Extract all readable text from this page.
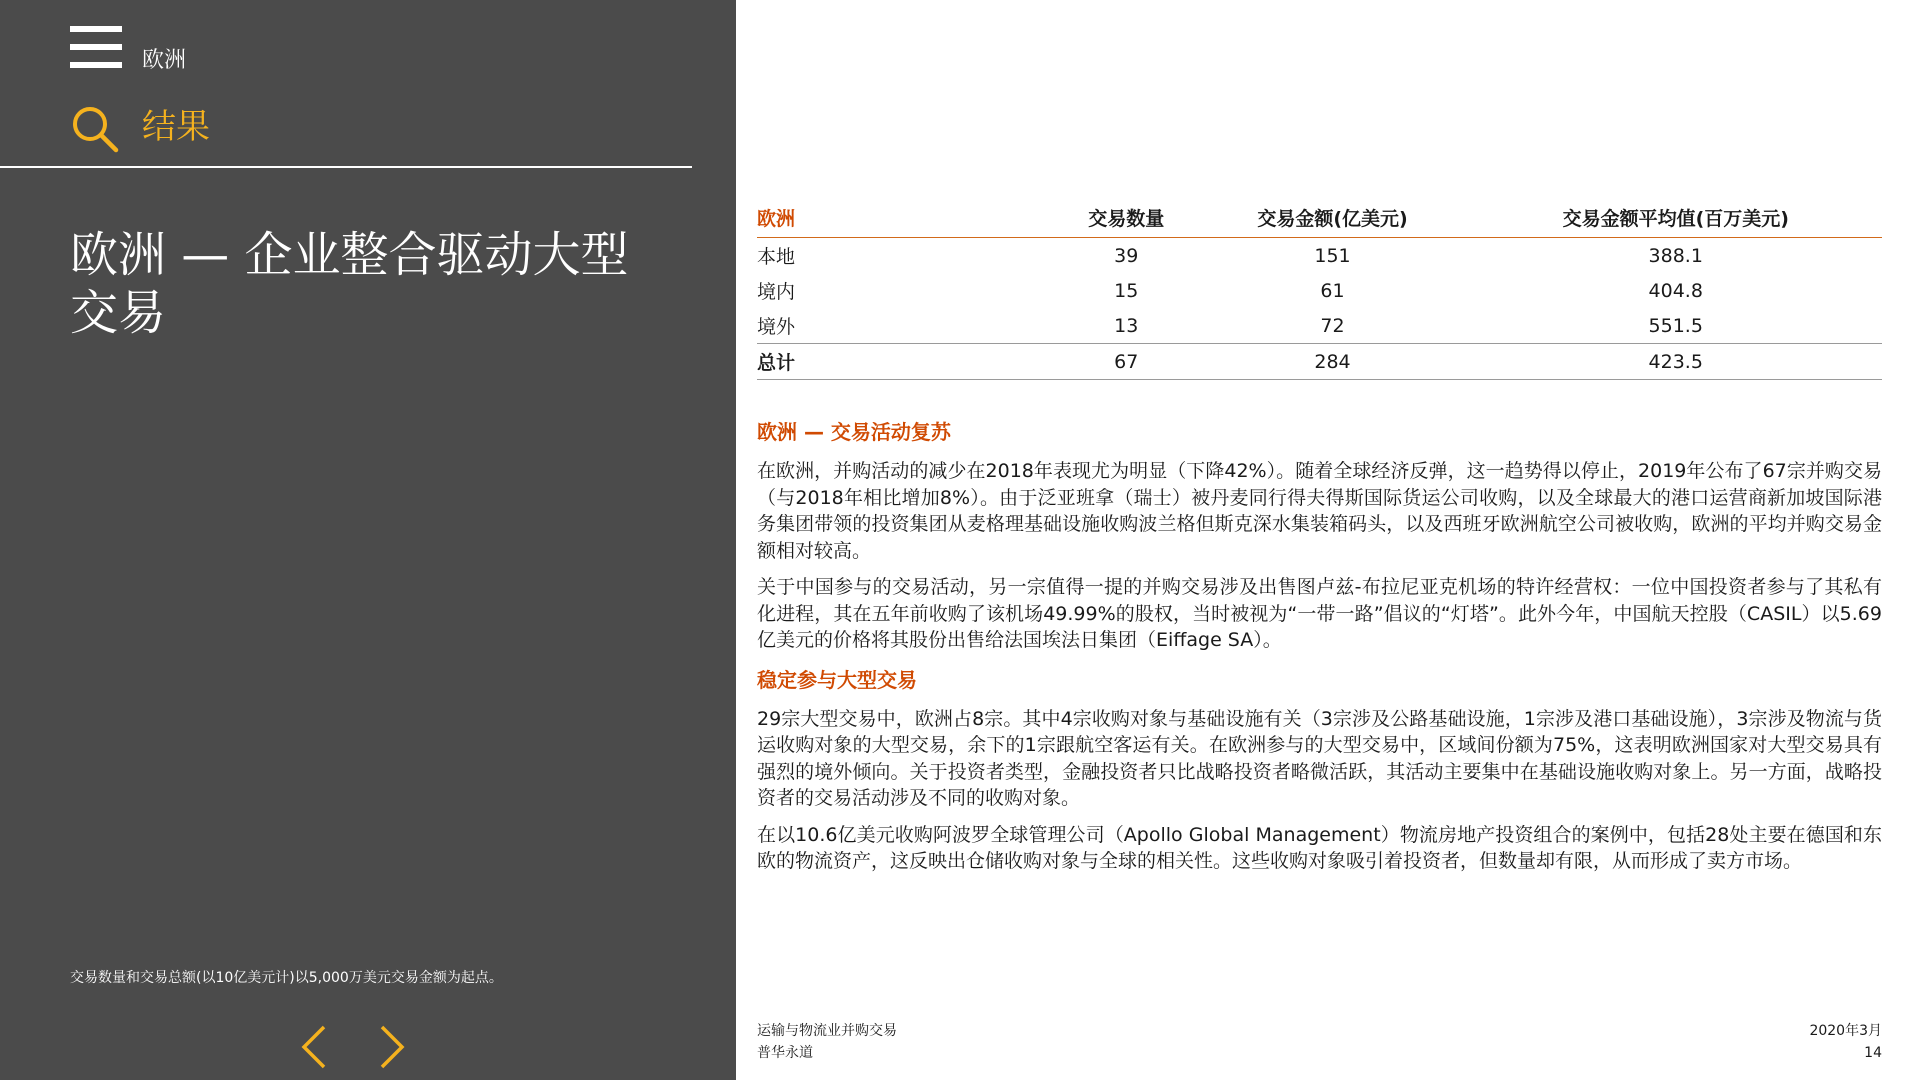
欧洲
结果
欧洲 — 企业整合驱动大型交易
交易数量和交易总额(以10亿美元计)以5,000万美元交易金额为起点。
欧洲	交易数量	交易金额(亿美元)	交易金额平均值(百万美元)
本地	39	151	388.1
境内	15	61	404.8
境外	13	72	551.5
总计	67	284	423.5
欧洲 — 交易活动复苏

在欧洲，并购活动的减少在2018年表现尤为明显（下降42%）。随着全球经济反弹，这一趋势得以停止，2019年公布了67宗并购交易（与2018年相比增加8%）。由于泛亚班拿（瑞士）被丹麦同行得夫得斯国际货运公司收购，以及全球最大的港口运营商新加坡国际港务集团带领的投资集团从麦格理基础设施收购波兰格但斯克深水集装箱码头，以及西班牙欧洲航空公司被收购，欧洲的平均并购交易金额相对较高。

关于中国参与的交易活动，另一宗值得一提的并购交易涉及出售图卢兹-布拉尼亚克机场的特许经营权：一位中国投资者参与了其私有化进程，其在五年前收购了该机场49.99%的股权，当时被视为“一带一路”倡议的“灯塔”。此外今年，中国航天控股（CASIL）以5.69亿美元的价格将其股份出售给法国埃法日集团（Eiffage SA）。

稳定参与大型交易

29宗大型交易中，欧洲占8宗。其中4宗收购对象与基础设施有关（3宗涉及公路基础设施，1宗涉及港口基础设施），3宗涉及物流与货运收购对象的大型交易，余下的1宗跟航空客运有关。在欧洲参与的大型交易中，区域间份额为75%，这表明欧洲国家对大型交易具有强烈的境外倾向。关于投资者类型，金融投资者只比战略投资者略微活跃，其活动主要集中在基础设施收购对象上。另一方面，战略投资者的交易活动涉及不同的收购对象。

在以10.6亿美元收购阿波罗全球管理公司（Apollo Global Management）物流房地产投资组合的案例中，包括28处主要在德国和东欧的物流资产，这反映出仓储收购对象与全球的相关性。这些收购对象吸引着投资者，但数量却有限，从而形成了卖方市场。

运输与物流业并购交易
普华永道
2020年3月
14
